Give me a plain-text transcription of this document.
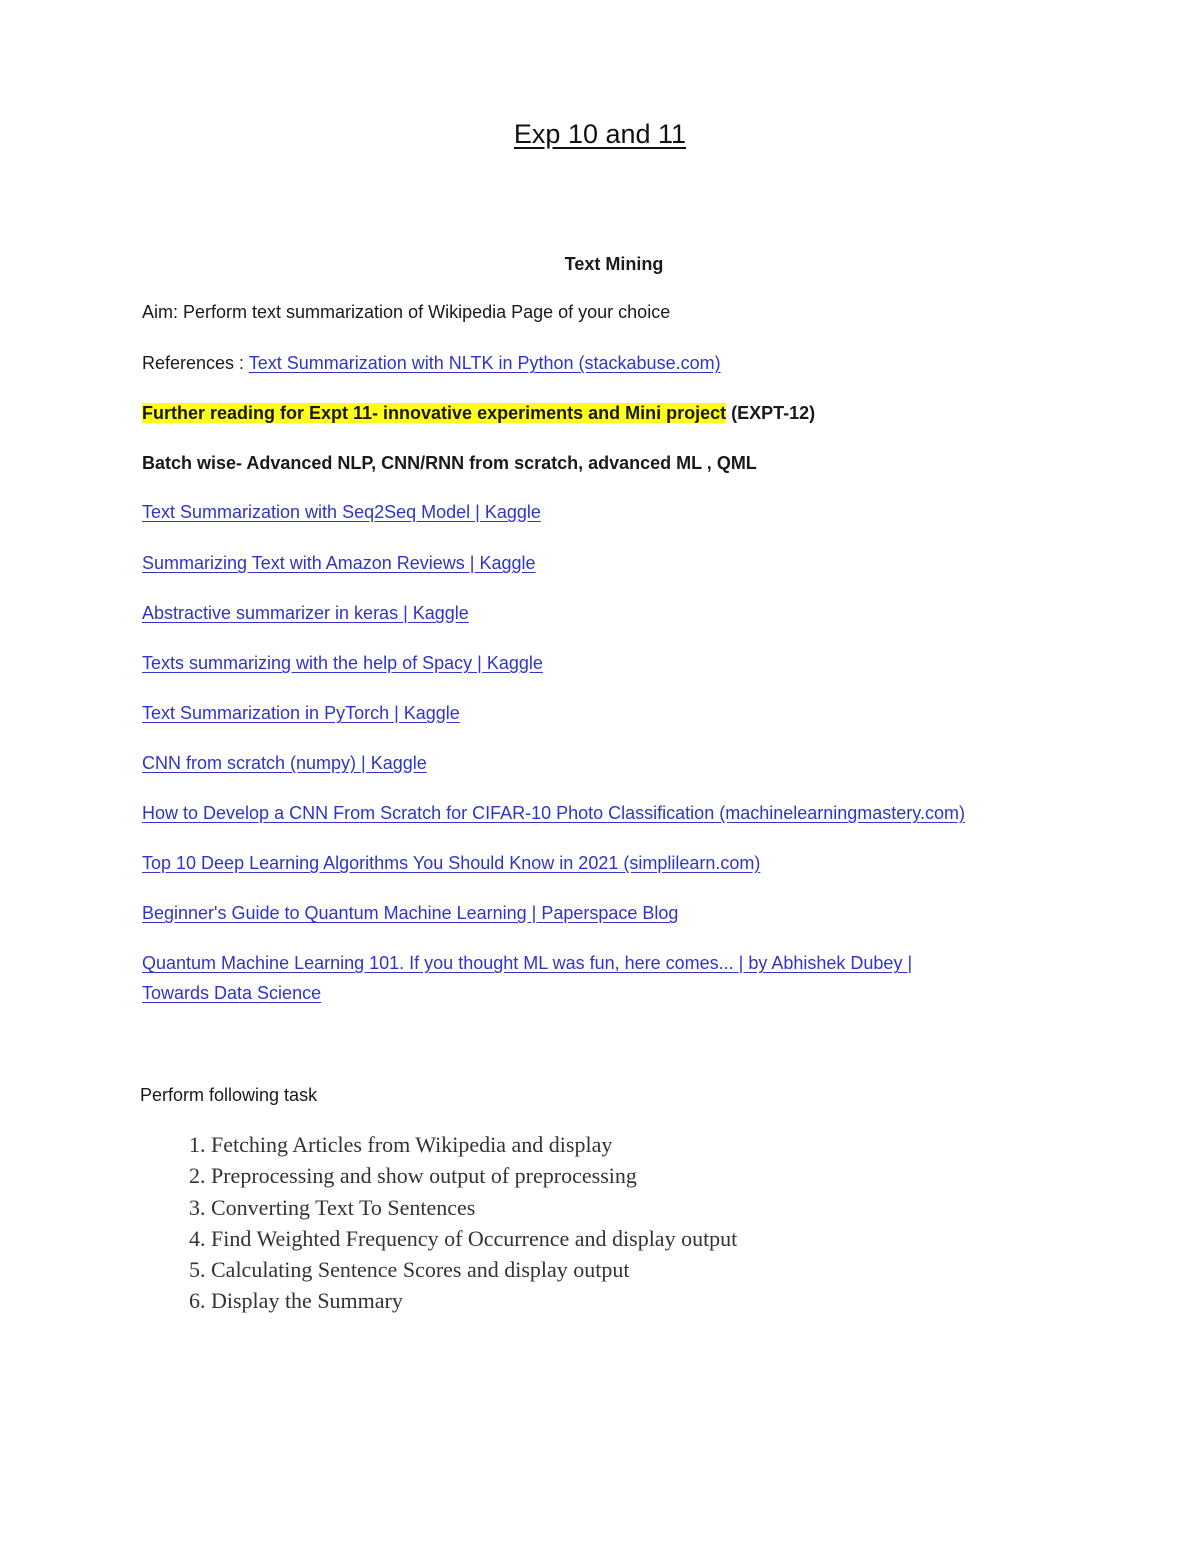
Exp 10 and 11
Text Mining
Aim: Perform text summarization of Wikipedia Page of your choice
References : Text Summarization with NLTK in Python (stackabuse.com)
Further reading for Expt 11- innovative experiments and Mini project (EXPT-12)
Batch wise- Advanced NLP, CNN/RNN from scratch, advanced ML , QML
Text Summarization with Seq2Seq Model | Kaggle
Summarizing Text with Amazon Reviews | Kaggle
Abstractive summarizer in keras | Kaggle
Texts summarizing with the help of Spacy | Kaggle
Text Summarization in PyTorch | Kaggle
CNN from scratch (numpy) | Kaggle
How to Develop a CNN From Scratch for CIFAR-10 Photo Classification (machinelearningmastery.com)
Top 10 Deep Learning Algorithms You Should Know in 2021 (simplilearn.com)
Beginner's Guide to Quantum Machine Learning | Paperspace Blog
Quantum Machine Learning 101. If you thought ML was fun, here comes... | by Abhishek Dubey |
Towards Data Science
Perform following task
1. Fetching Articles from Wikipedia and display
2. Preprocessing and show output of preprocessing
3. Converting Text To Sentences
4. Find Weighted Frequency of Occurrence and display output
5. Calculating Sentence Scores and display output
6. Display the Summary
